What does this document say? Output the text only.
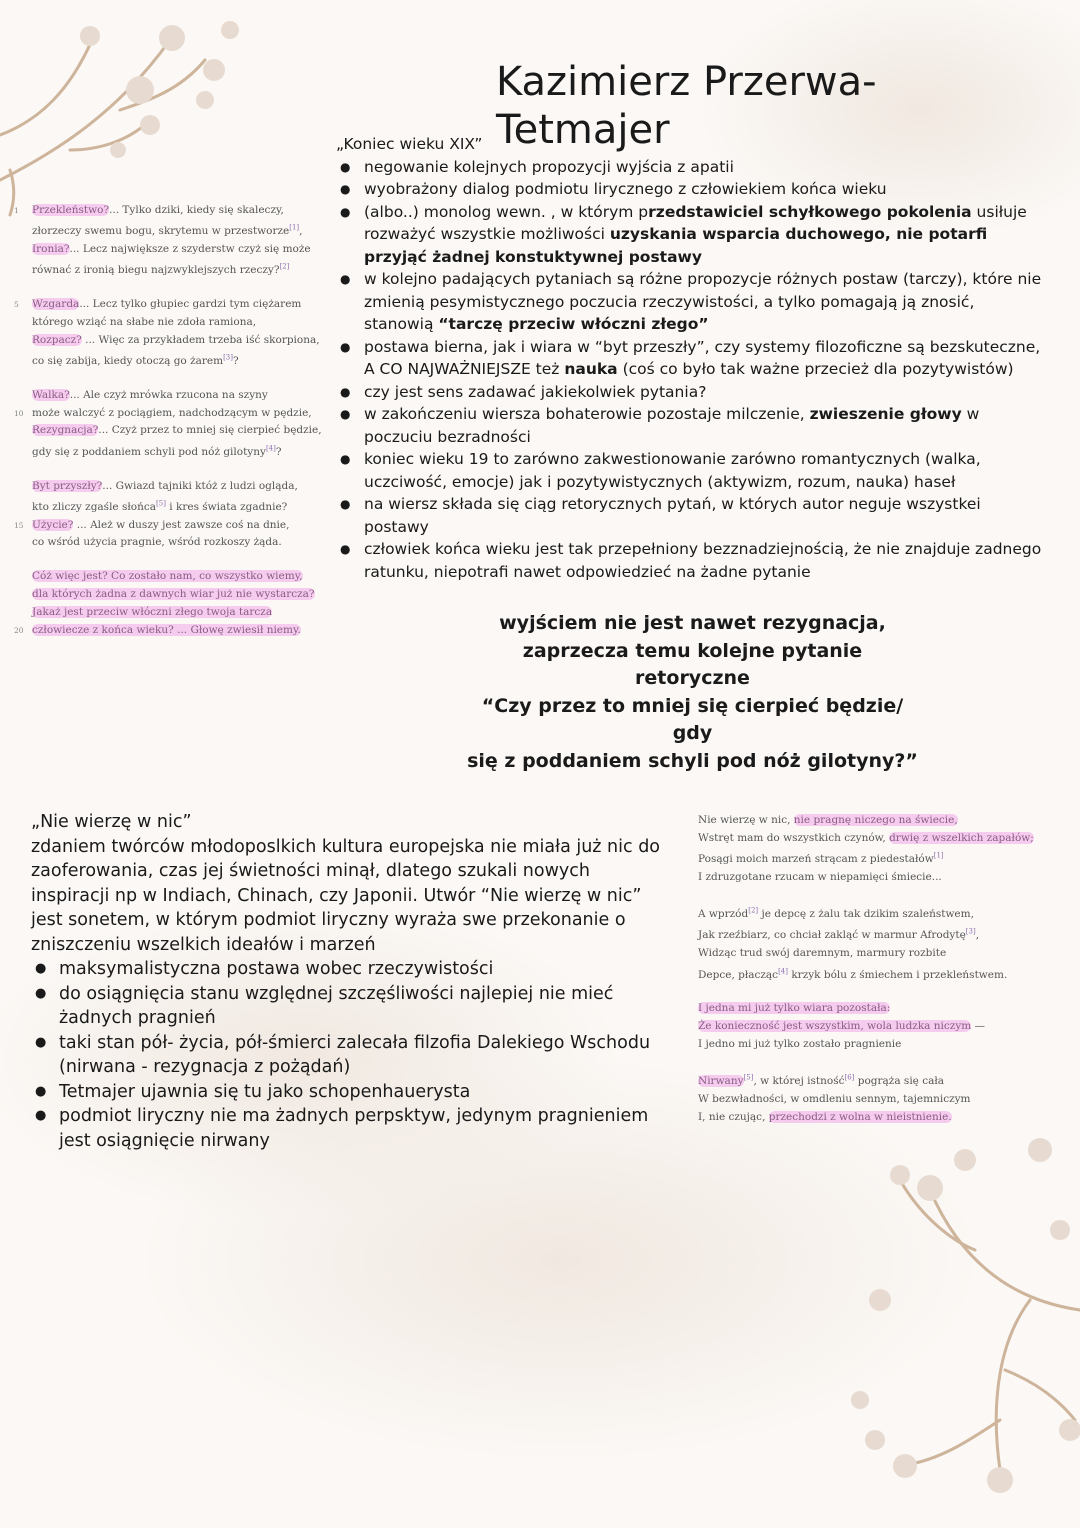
Kazimierz Przerwa- Tetmajer

„Koniec wieku XIX”

● negowanie kolejnych propozycji wyjścia z apatii
● wyobrażony dialog podmiotu lirycznego z człowiekiem końca wieku
● (albo..) monolog wewn. , w którym przedstawiciel schyłkowego pokolenia usiłuje rozważyć wszystkie możliwości uzyskania wsparcia duchowego, nie potarfi przyjąć żadnej konstuktywnej postawy
● w kolejno padających pytaniach są różne propozycje różnych postaw (tarczy), które nie zmienią pesymistycznego poczucia rzeczywistości, a tylko pomagają ją znosić, stanowią “tarczę przeciw włóczni złego”
● postawa bierna, jak i wiara w “byt przeszły”, czy systemy filozoficzne są bezskuteczne, A CO NAJWAŻNIEJSZE też nauka (coś co było tak ważne przecież dla pozytywistów)
● czy jest sens zadawać jakiekolwiek pytania?
● w zakończeniu wiersza bohaterowie pozostaje milczenie, zwieszenie głowy w poczuciu bezradności
● koniec wieku 19 to zarówno zakwestionowanie zarówno romantycznych (walka, uczciwość, emocje) jak i pozytywistycznych (aktywizm, rozum, nauka) haseł
● na wiersz składa się ciąg retorycznych pytań, w których autor neguje wszystkei postawy
● człowiek końca wieku jest tak przepełniony bezznadziejnością, że nie znajduje zadnego ratunku, niepotrafi nawet odpowiedzieć na żadne pytanie
wyjściem nie jest nawet rezygnacja,
zaprzecza temu kolejne pytanie retoryczne
“Czy przez to mniej się cierpieć będzie/ gdy
się z poddaniem schyli pod nóż gilotyny?”

„Nie wierzę w nic”

zdaniem twórców młodoposlkich kultura europejska nie miała już nic do zaoferowania, czas jej świetności minął, dlatego szukali nowych inspiracji np w Indiach, Chinach, czy Japonii. Utwór “Nie wierzę w nic” jest sonetem, w którym podmiot liryczny wyraża swe przekonanie o zniszczeniu wszelkich ideałów i marzeń

● maksymalistyczna postawa wobec rzeczywistości
● do osiągnięcia stanu względnej szczęśliwości najlepiej nie mieć żadnych pragnień
● taki stan pół- życia, pół-śmierci zalecała filzofia Dalekiego Wschodu (nirwana - rezygnacja z pożądań)
● Tetmajer ujawnia się tu jako schopenhauerysta
● podmiot liryczny nie ma żadnych perpsktyw, jedynym pragnieniem jest osiągnięcie nirwany
1 Przekleństwo?... Tylko dziki, kiedy się skaleczy,
złorzeczy swemu bogu, skrytemu w przestworze[1],
Ironia?... Lecz największe z szyderstw czyż się może
równać z ironią biegu najzwyklejszych rzeczy?[2]
5 Wzgarda... Lecz tylko głupiec gardzi tym ciężarem
którego wziąć na słabe nie zdoła ramiona,
Rozpacz? ... Więc za przykładem trzeba iść skorpiona,
co się zabija, kiedy otoczą go żarem[3]?
Walka?... Ale czyż mrówka rzucona na szyny
10 może walczyć z pociągiem, nadchodzącym w pędzie,
Rezygnacja?... Czyż przez to mniej się cierpieć będzie,
gdy się z poddaniem schyli pod nóż gilotyny[4]?
Byt przyszły?... Gwiazd tajniki któż z ludzi ogląda,
kto zliczy zgaśle słońca[5] i kres świata zgadnie?
15 Użycie? ... Ależ w duszy jest zawsze coś na dnie,
co wśród użycia pragnie, wśród rozkoszy żąda.
Cóż więc jest? Co zostało nam, co wszystko wiemy,
dla których żadna z dawnych wiar już nie wystarcza?
Jakaż jest przeciw włóczni złego twoja tarcza
20 człowiecze z końca wieku? ... Głowę zwiesił niemy.
Nie wierzę w nic, nie pragnę niczego na świecie,
Wstręt mam do wszystkich czynów, drwię z wszelkich zapałów;
Posągi moich marzeń strącam z piedestałów[1]
I zdruzgotane rzucam w niepamięci śmiecie...
A wprzód[2] je depcę z żalu tak dzikim szaleństwem,
Jak rzeźbiarz, co chciał zakląć w marmur Afrodytę[3],
Widząc trud swój daremnym, marmury rozbite
Depce, płacząc[4] krzyk bólu z śmiechem i przekleństwem.
I jedna mi już tylko wiara pozostała:
Że konieczność jest wszystkim, wola ludzka niczym —
I jedno mi już tylko zostało pragnienie
Nirwany[5], w której istność[6] pogrąża się cała
W bezwładności, w omdleniu sennym, tajemniczym
I, nie czując, przechodzi z wolna w nieistnienie.
